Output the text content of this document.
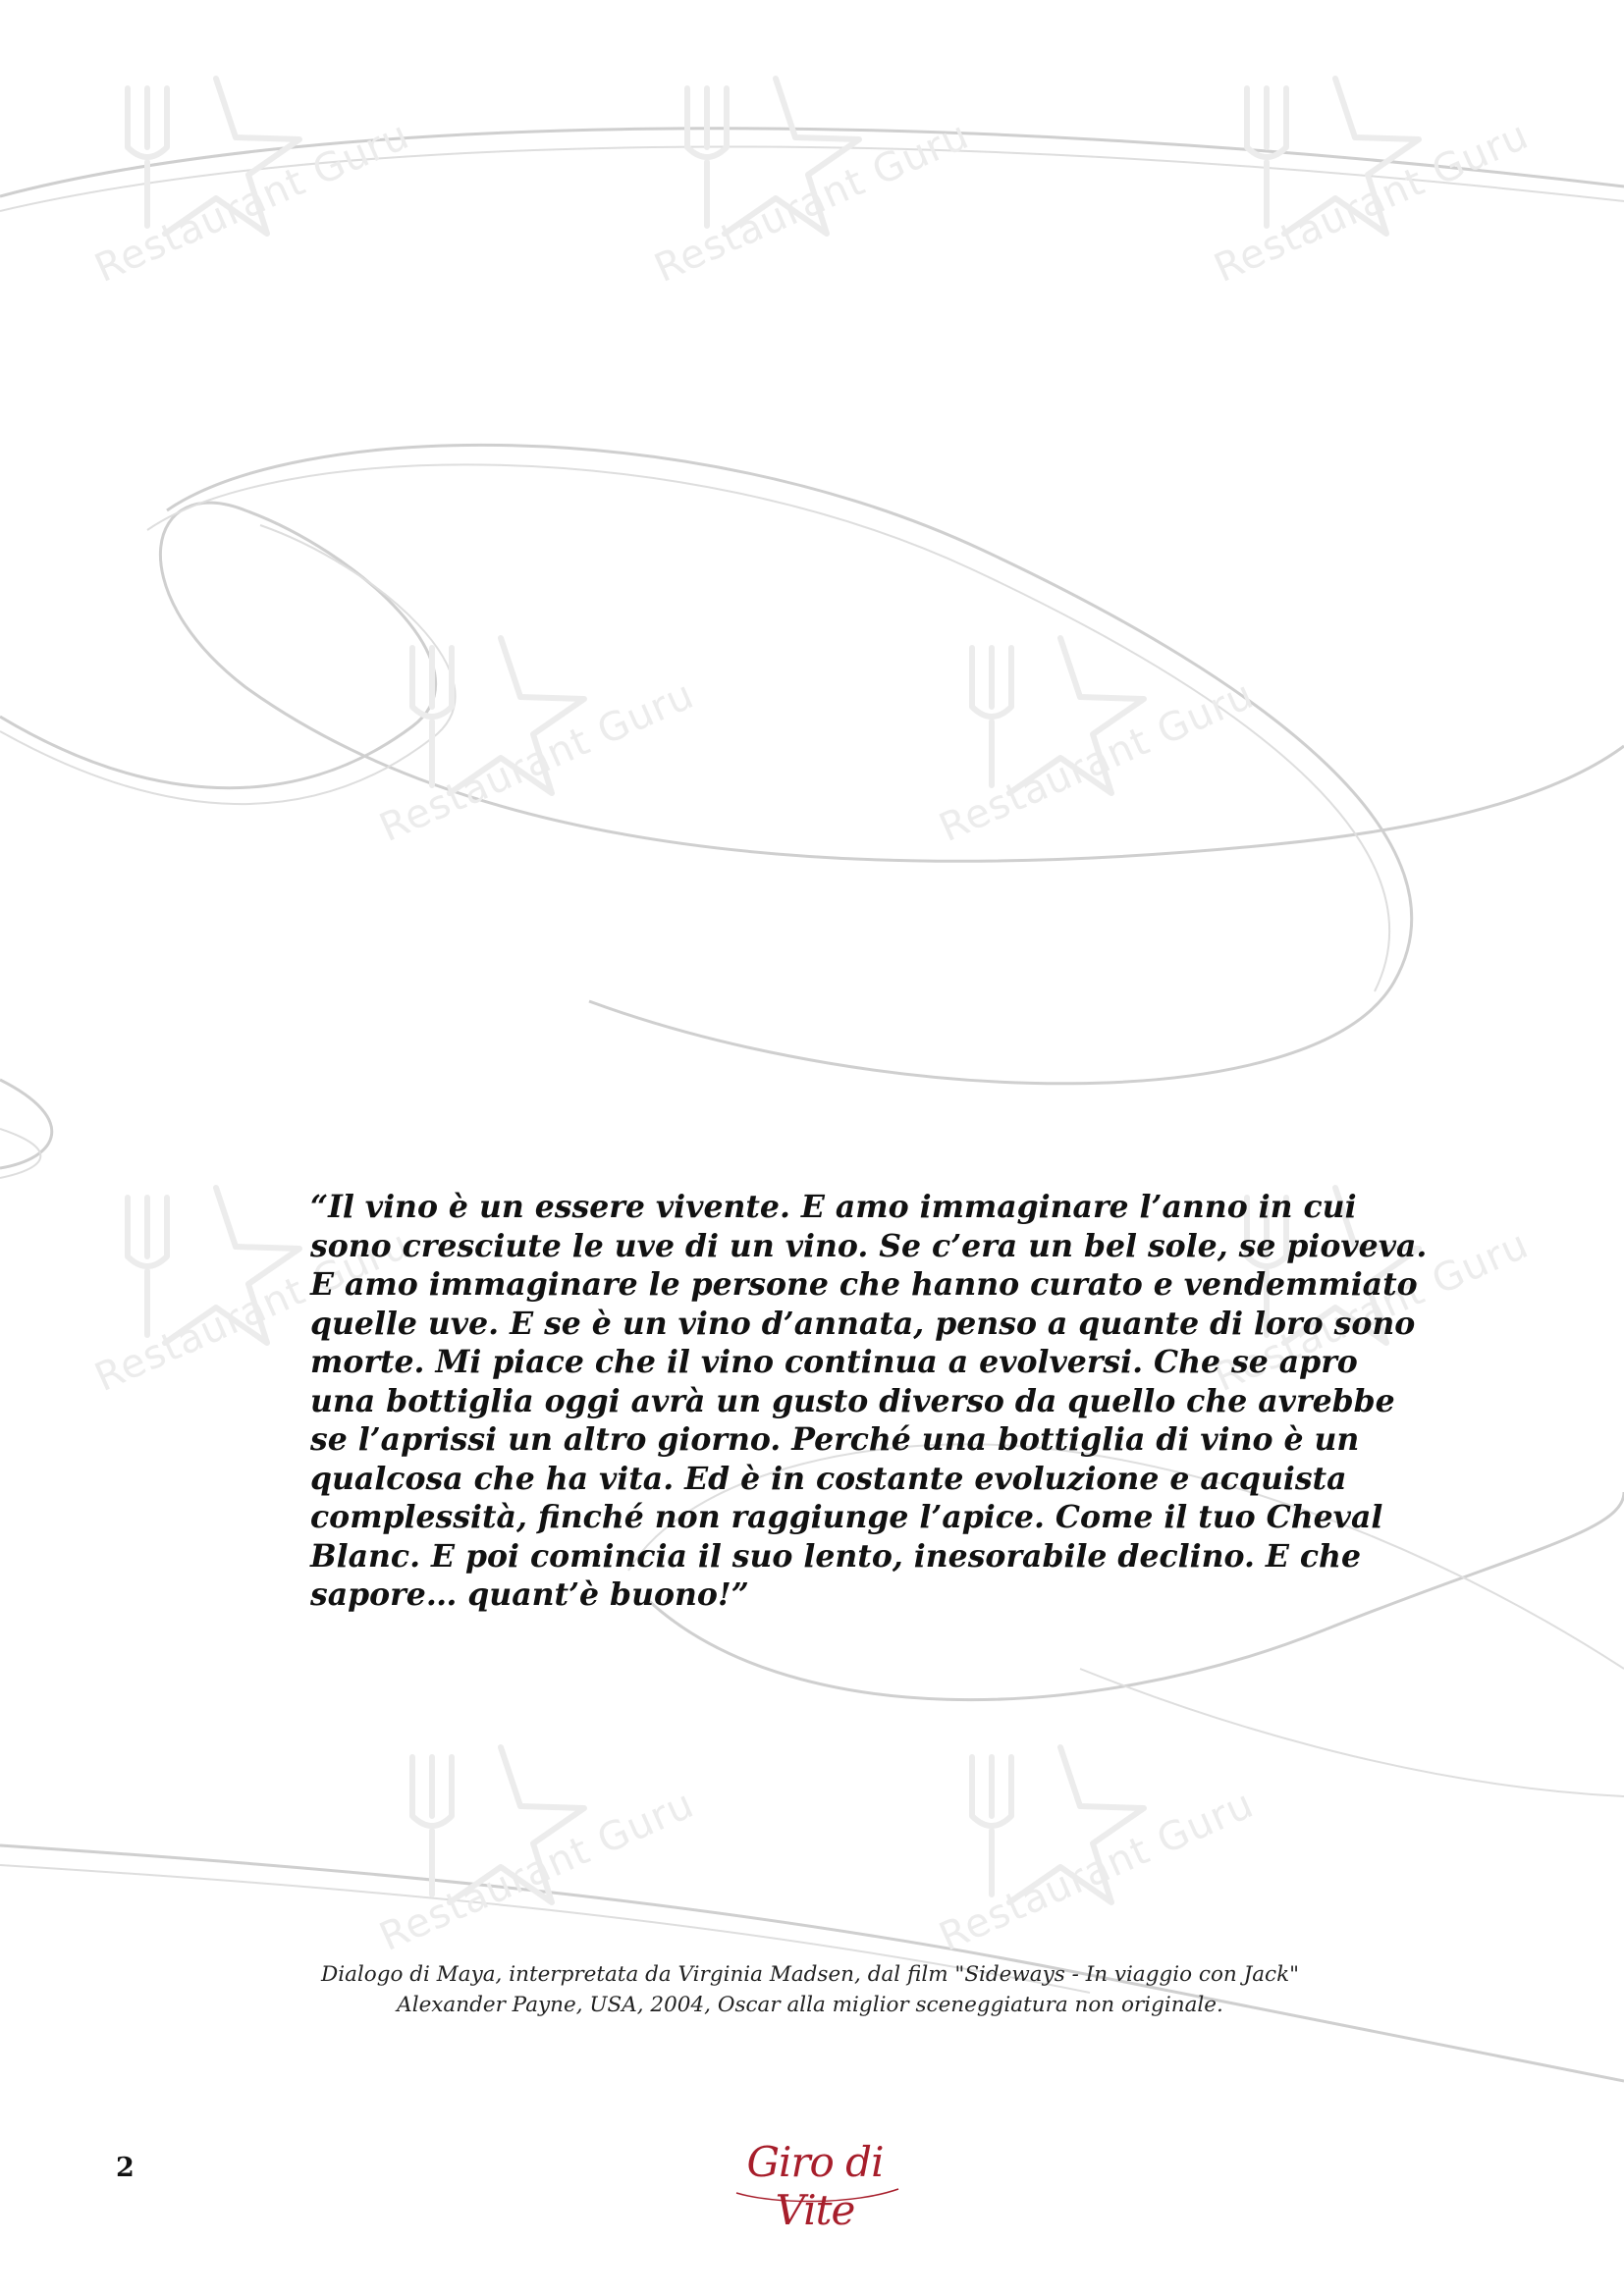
Restaurant Guru	Restaurant Guru	Restaurant Guru
Restaurant Guru	Restaurant Guru
Restaurant Guru	Restaurant Guru
Restaurant Guru	Restaurant Guru

“Il vino è un essere vivente. E amo immaginare l’anno in cui
sono cresciute le uve di un vino. Se c’era un bel sole, se pioveva.
E amo immaginare le persone che hanno curato e vendemmiato
quelle uve. E se è un vino d’annata, penso a quante di loro sono
morte. Mi piace che il vino continua a evolversi. Che se apro
una bottiglia oggi avrà un gusto diverso da quello che avrebbe
se l’aprissi un altro giorno. Perché una bottiglia di vino è un
qualcosa che ha vita. Ed è in costante evoluzione e acquista
complessità, finché non raggiunge l’apice. Come il tuo Cheval
Blanc. E poi comincia il suo lento, inesorabile declino. E che
sapore… quant’è buono!”

Dialogo di Maya, interpretata da Virginia Madsen, dal film "Sideways - In viaggio con Jack"
Alexander Payne, USA, 2004, Oscar alla miglior sceneggiatura non originale.
2	Giro di Vite
